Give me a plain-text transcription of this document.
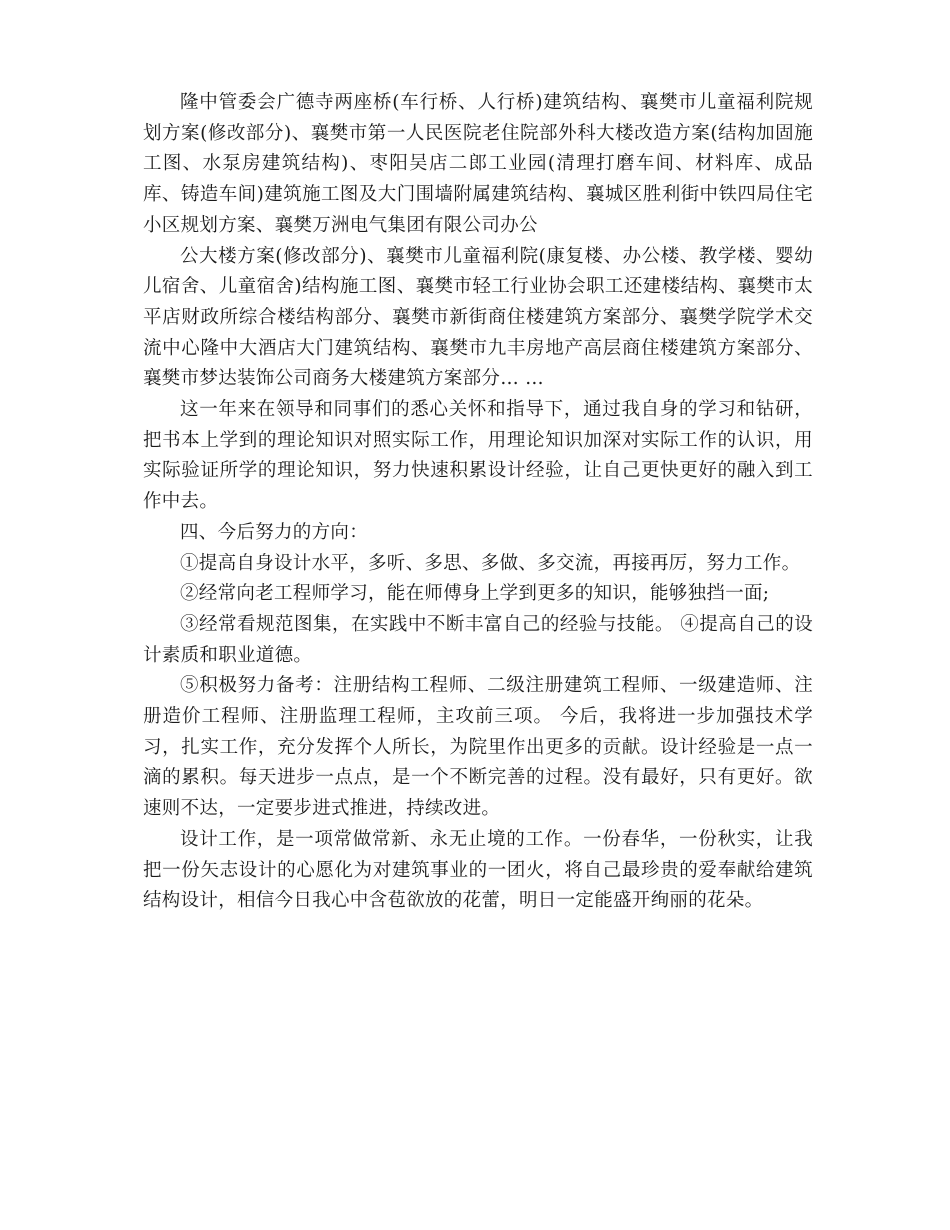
隆中管委会广德寺两座桥(车行桥、人行桥)建筑结构、襄樊市儿童福利院规划方案(修改部分)、襄樊市第一人民医院老住院部外科大楼改造方案(结构加固施工图、水泵房建筑结构)、枣阳吴店二郎工业园(清理打磨车间、材料库、成品库、铸造车间)建筑施工图及大门围墙附属建筑结构、襄城区胜利街中铁四局住宅小区规划方案、襄樊万洲电气集团有限公司办公

公大楼方案(修改部分)、襄樊市儿童福利院(康复楼、办公楼、教学楼、婴幼儿宿舍、儿童宿舍)结构施工图、襄樊市轻工行业协会职工还建楼结构、襄樊市太平店财政所综合楼结构部分、襄樊市新街商住楼建筑方案部分、襄樊学院学术交流中心隆中大酒店大门建筑结构、襄樊市九丰房地产高层商住楼建筑方案部分、襄樊市梦达装饰公司商务大楼建筑方案部分… …

这一年来在领导和同事们的悉心关怀和指导下，通过我自身的学习和钻研，把书本上学到的理论知识对照实际工作，用理论知识加深对实际工作的认识，用实际验证所学的理论知识，努力快速积累设计经验，让自己更快更好的融入到工作中去。

四、今后努力的方向：

①提高自身设计水平，多听、多思、多做、多交流，再接再厉，努力工作。

②经常向老工程师学习，能在师傅身上学到更多的知识，能够独挡一面;

③经常看规范图集，在实践中不断丰富自己的经验与技能。 ④提高自己的设计素质和职业道德。

⑤积极努力备考：注册结构工程师、二级注册建筑工程师、一级建造师、注册造价工程师、注册监理工程师，主攻前三项。 今后，我将进一步加强技术学习，扎实工作，充分发挥个人所长，为院里作出更多的贡献。设计经验是一点一滴的累积。每天进步一点点，是一个不断完善的过程。没有最好，只有更好。欲速则不达，一定要步进式推进，持续改进。

设计工作，是一项常做常新、永无止境的工作。一份春华，一份秋实，让我把一份矢志设计的心愿化为对建筑事业的一团火，将自己最珍贵的爱奉献给建筑结构设计，相信今日我心中含苞欲放的花蕾，明日一定能盛开绚丽的花朵。
